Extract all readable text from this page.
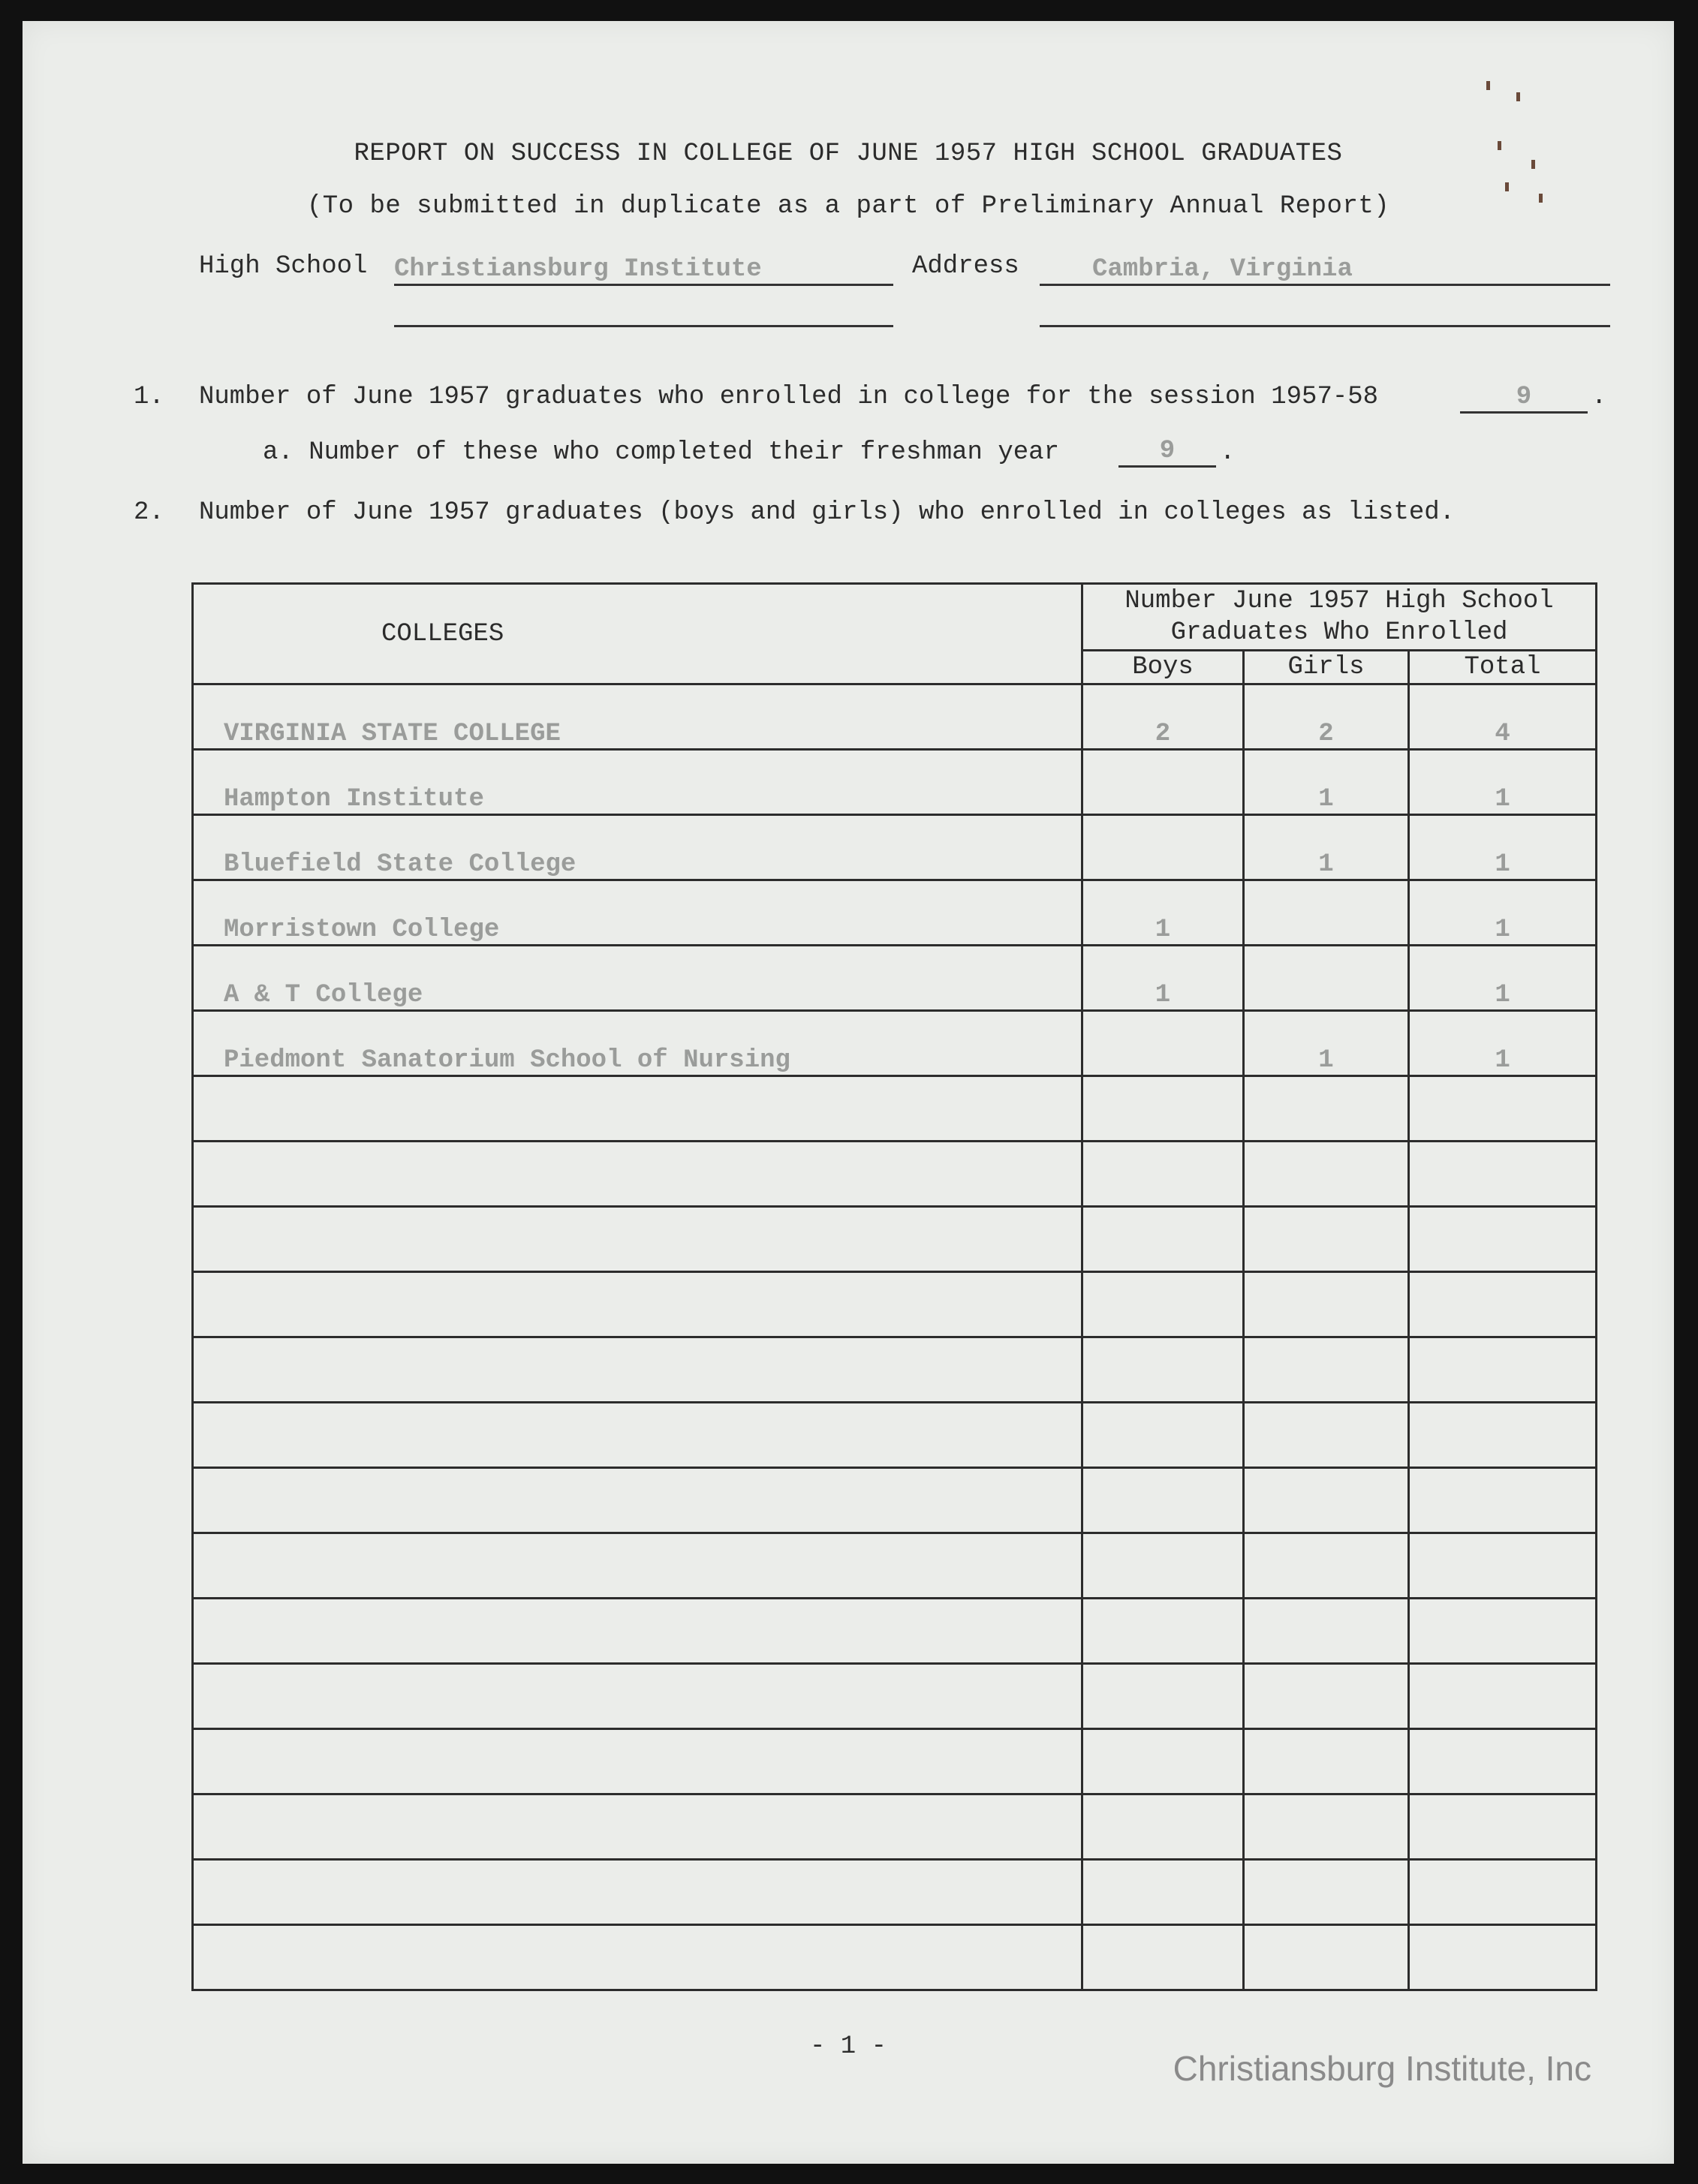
REPORT ON SUCCESS IN COLLEGE OF JUNE 1957 HIGH SCHOOL GRADUATES
(To be submitted in duplicate as a part of Preliminary Annual Report)
High School Christiansburg Institute	Address	Cambria, Virginia
1. Number of June 1957 graduates who enrolled in college for the session 1957-58	9	.
a. Number of these who completed their freshman year	9	.
2. Number of June 1957 graduates (boys and girls) who enrolled in colleges as listed.
COLLEGES	Number June 1957 High School
Graduates Who Enrolled		

	Boys	Girls	Total
VIRGINIA STATE COLLEGE	2	2	4
Hampton Institute		1	1
Bluefield State College		1	1
Morristown College	1		1
A & T College	1		1
Piedmont Sanatorium School of Nursing		1	1

- 1 -
Christiansburg Institute, Inc
